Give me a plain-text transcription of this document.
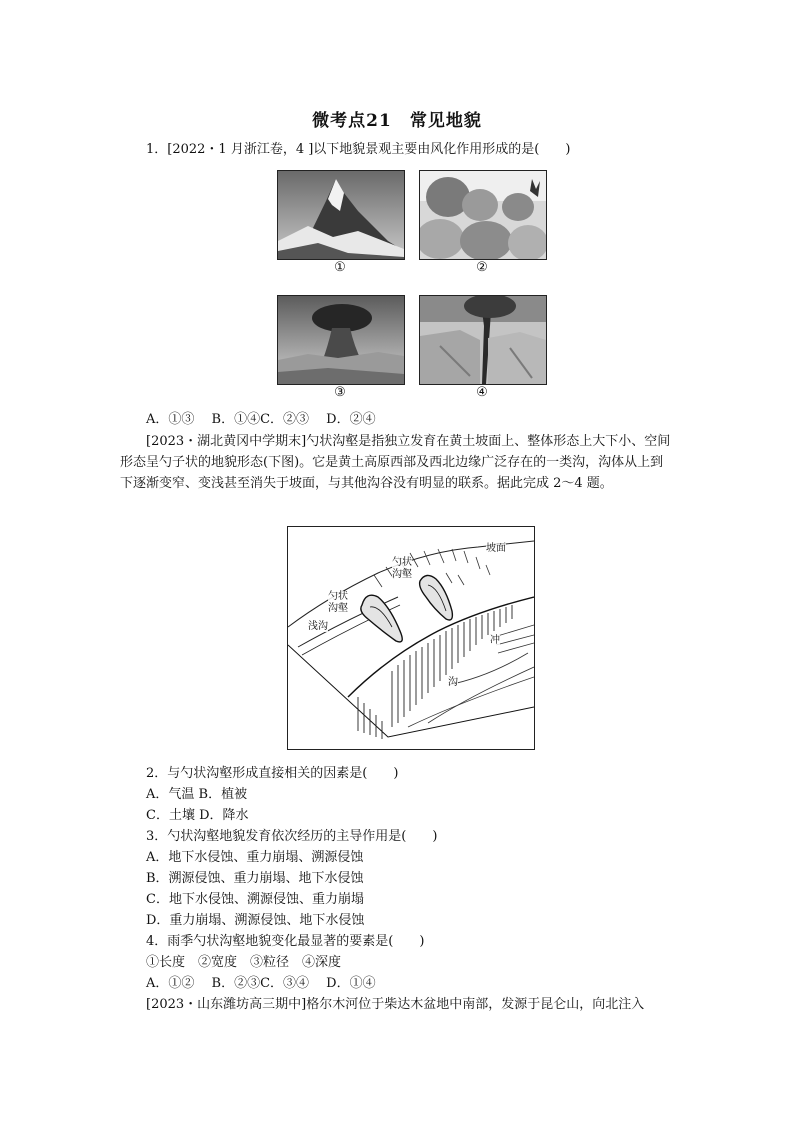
微考点21　常见地貌
1．[2022・1 月浙江卷，4 ]以下地貌景观主要由风化作用形成的是(　　)
①	②
③	④
A．①③　 B．①④C．②③　 D．②④
[2023・湖北黄冈中学期末]勺状沟壑是指独立发育在黄土坡面上、整体形态上大下小、空间形态呈勺子状的地貌形态(下图)。它是黄土高原西部及西北边缘广泛存在的一类沟，沟体从上到下逐渐变窄、变浅甚至消失于坡面，与其他沟谷没有明显的联系。据此完成 2～4 题。
坡面
勺状
沟壑
勺状
沟壑
浅沟
冲
沟
2．与勺状沟壑形成直接相关的因素是(　　)
A．气温 B．植被
C．土壤 D．降水
3．勺状沟壑地貌发育依次经历的主导作用是(　　)
A．地下水侵蚀、重力崩塌、溯源侵蚀
B．溯源侵蚀、重力崩塌、地下水侵蚀
C．地下水侵蚀、溯源侵蚀、重力崩塌
D．重力崩塌、溯源侵蚀、地下水侵蚀
4．雨季勺状沟壑地貌变化最显著的要素是(　　)
①长度　②宽度　③粒径　④深度
A．①②　 B．②③C．③④　 D．①④
[2023・山东潍坊高三期中]格尔木河位于柴达木盆地中南部，发源于昆仑山，向北注入
